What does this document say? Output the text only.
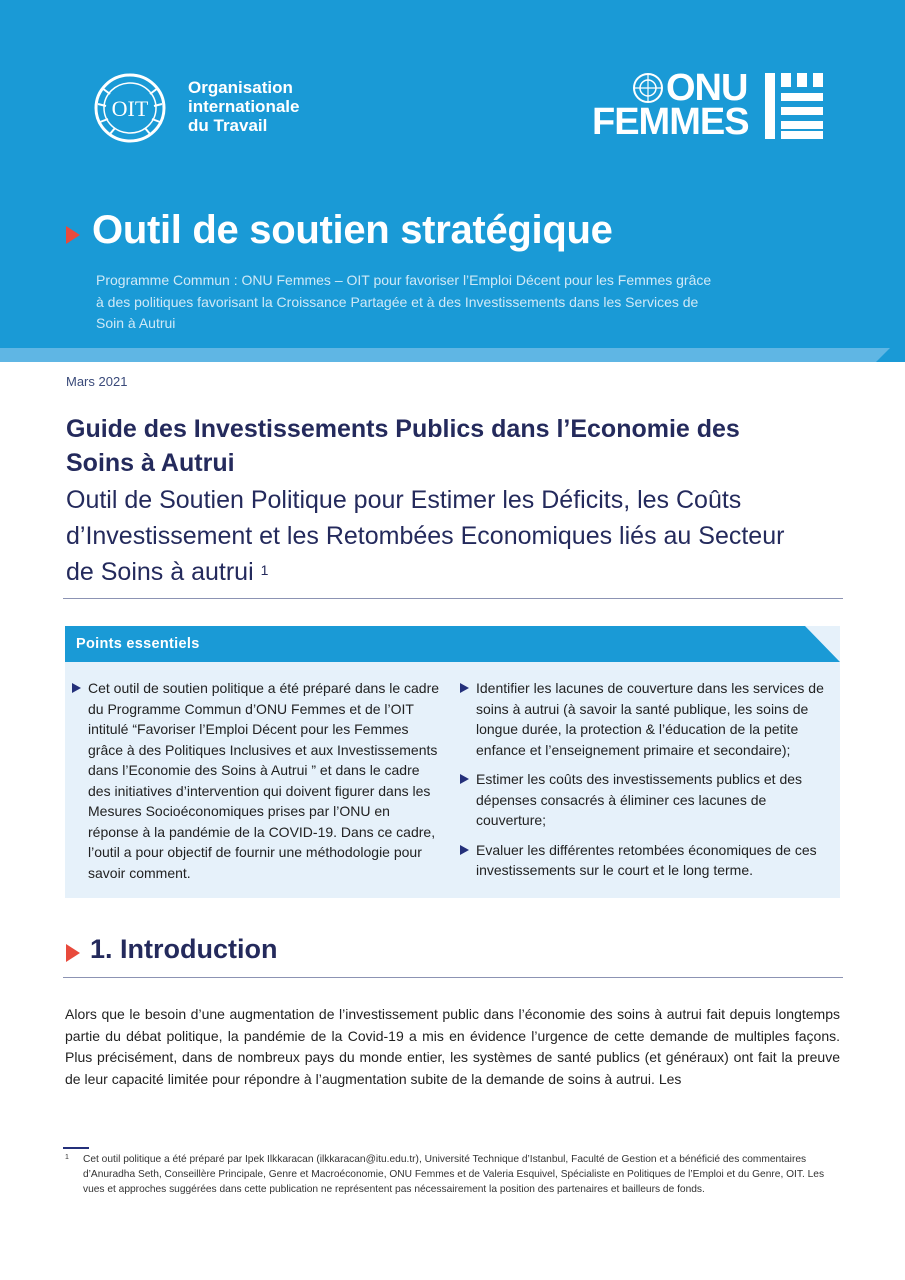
OIT
Organisation
internationale
du Travail
ONU
FEMMES
Outil de soutien stratégique
Programme Commun : ONU Femmes – OIT pour favoriser l’Emploi Décent pour les Femmes grâce à des politiques favorisant la Croissance Partagée et à des Investissements dans les Services de Soin à Autrui
Mars 2021
Guide des Investissements Publics dans l’Economie des Soins à Autrui
Outil de Soutien Politique pour Estimer les Déficits, les Coûts d’Investissement et les Retombées Economiques liés au Secteur de Soins à autrui $^1$
Points essentiels
Cet outil de soutien politique a été préparé dans le cadre du Programme Commun d’ONU Femmes et de l’OIT intitulé “Favoriser l’Emploi Décent pour les Femmes grâce à des Politiques Inclusives et aux Investissements dans l’Economie des Soins à Autrui ” et dans le cadre des initiatives d’intervention qui doivent figurer dans les Mesures Socioéconomiques prises par l’ONU en réponse à la pandémie de la COVID-19. Dans ce cadre, l’outil a pour objectif de fournir une méthodologie pour savoir comment.
Identifier les lacunes de couverture dans les services de soins à autrui (à savoir la santé publique, les soins de longue durée, la protection & l’éducation de la petite enfance et l’enseignement primaire et secondaire);
Estimer les coûts des investissements publics et des dépenses consacrés à éliminer ces lacunes de couverture;
Evaluer les différentes retombées économiques de ces investissements sur le court et le long terme.
1. Introduction
Alors que le besoin d’une augmentation de l’investissement public dans l’économie des soins à autrui fait depuis longtemps partie du débat politique, la pandémie de la Covid-19 a mis en évidence l’urgence de cette demande de multiples façons. Plus précisément, dans de nombreux pays du monde entier, les systèmes de santé publics (et généraux) ont fait la preuve de leur capacité limitée pour répondre à l’augmentation subite de la demande de soins à autrui. Les
1 Cet outil politique a été préparé par Ipek Ilkkaracan (ilkkaracan@itu.edu.tr), Université Technique d’Istanbul, Faculté de Gestion et a bénéficié des commentaires d’Anuradha Seth, Conseillère Principale, Genre et Macroéconomie, ONU Femmes et de Valeria Esquivel, Spécialiste en Politiques de l’Emploi et du Genre, OIT. Les vues et approches suggérées dans cette publication ne représentent pas nécessairement la position des partenaires et bailleurs de fonds.
